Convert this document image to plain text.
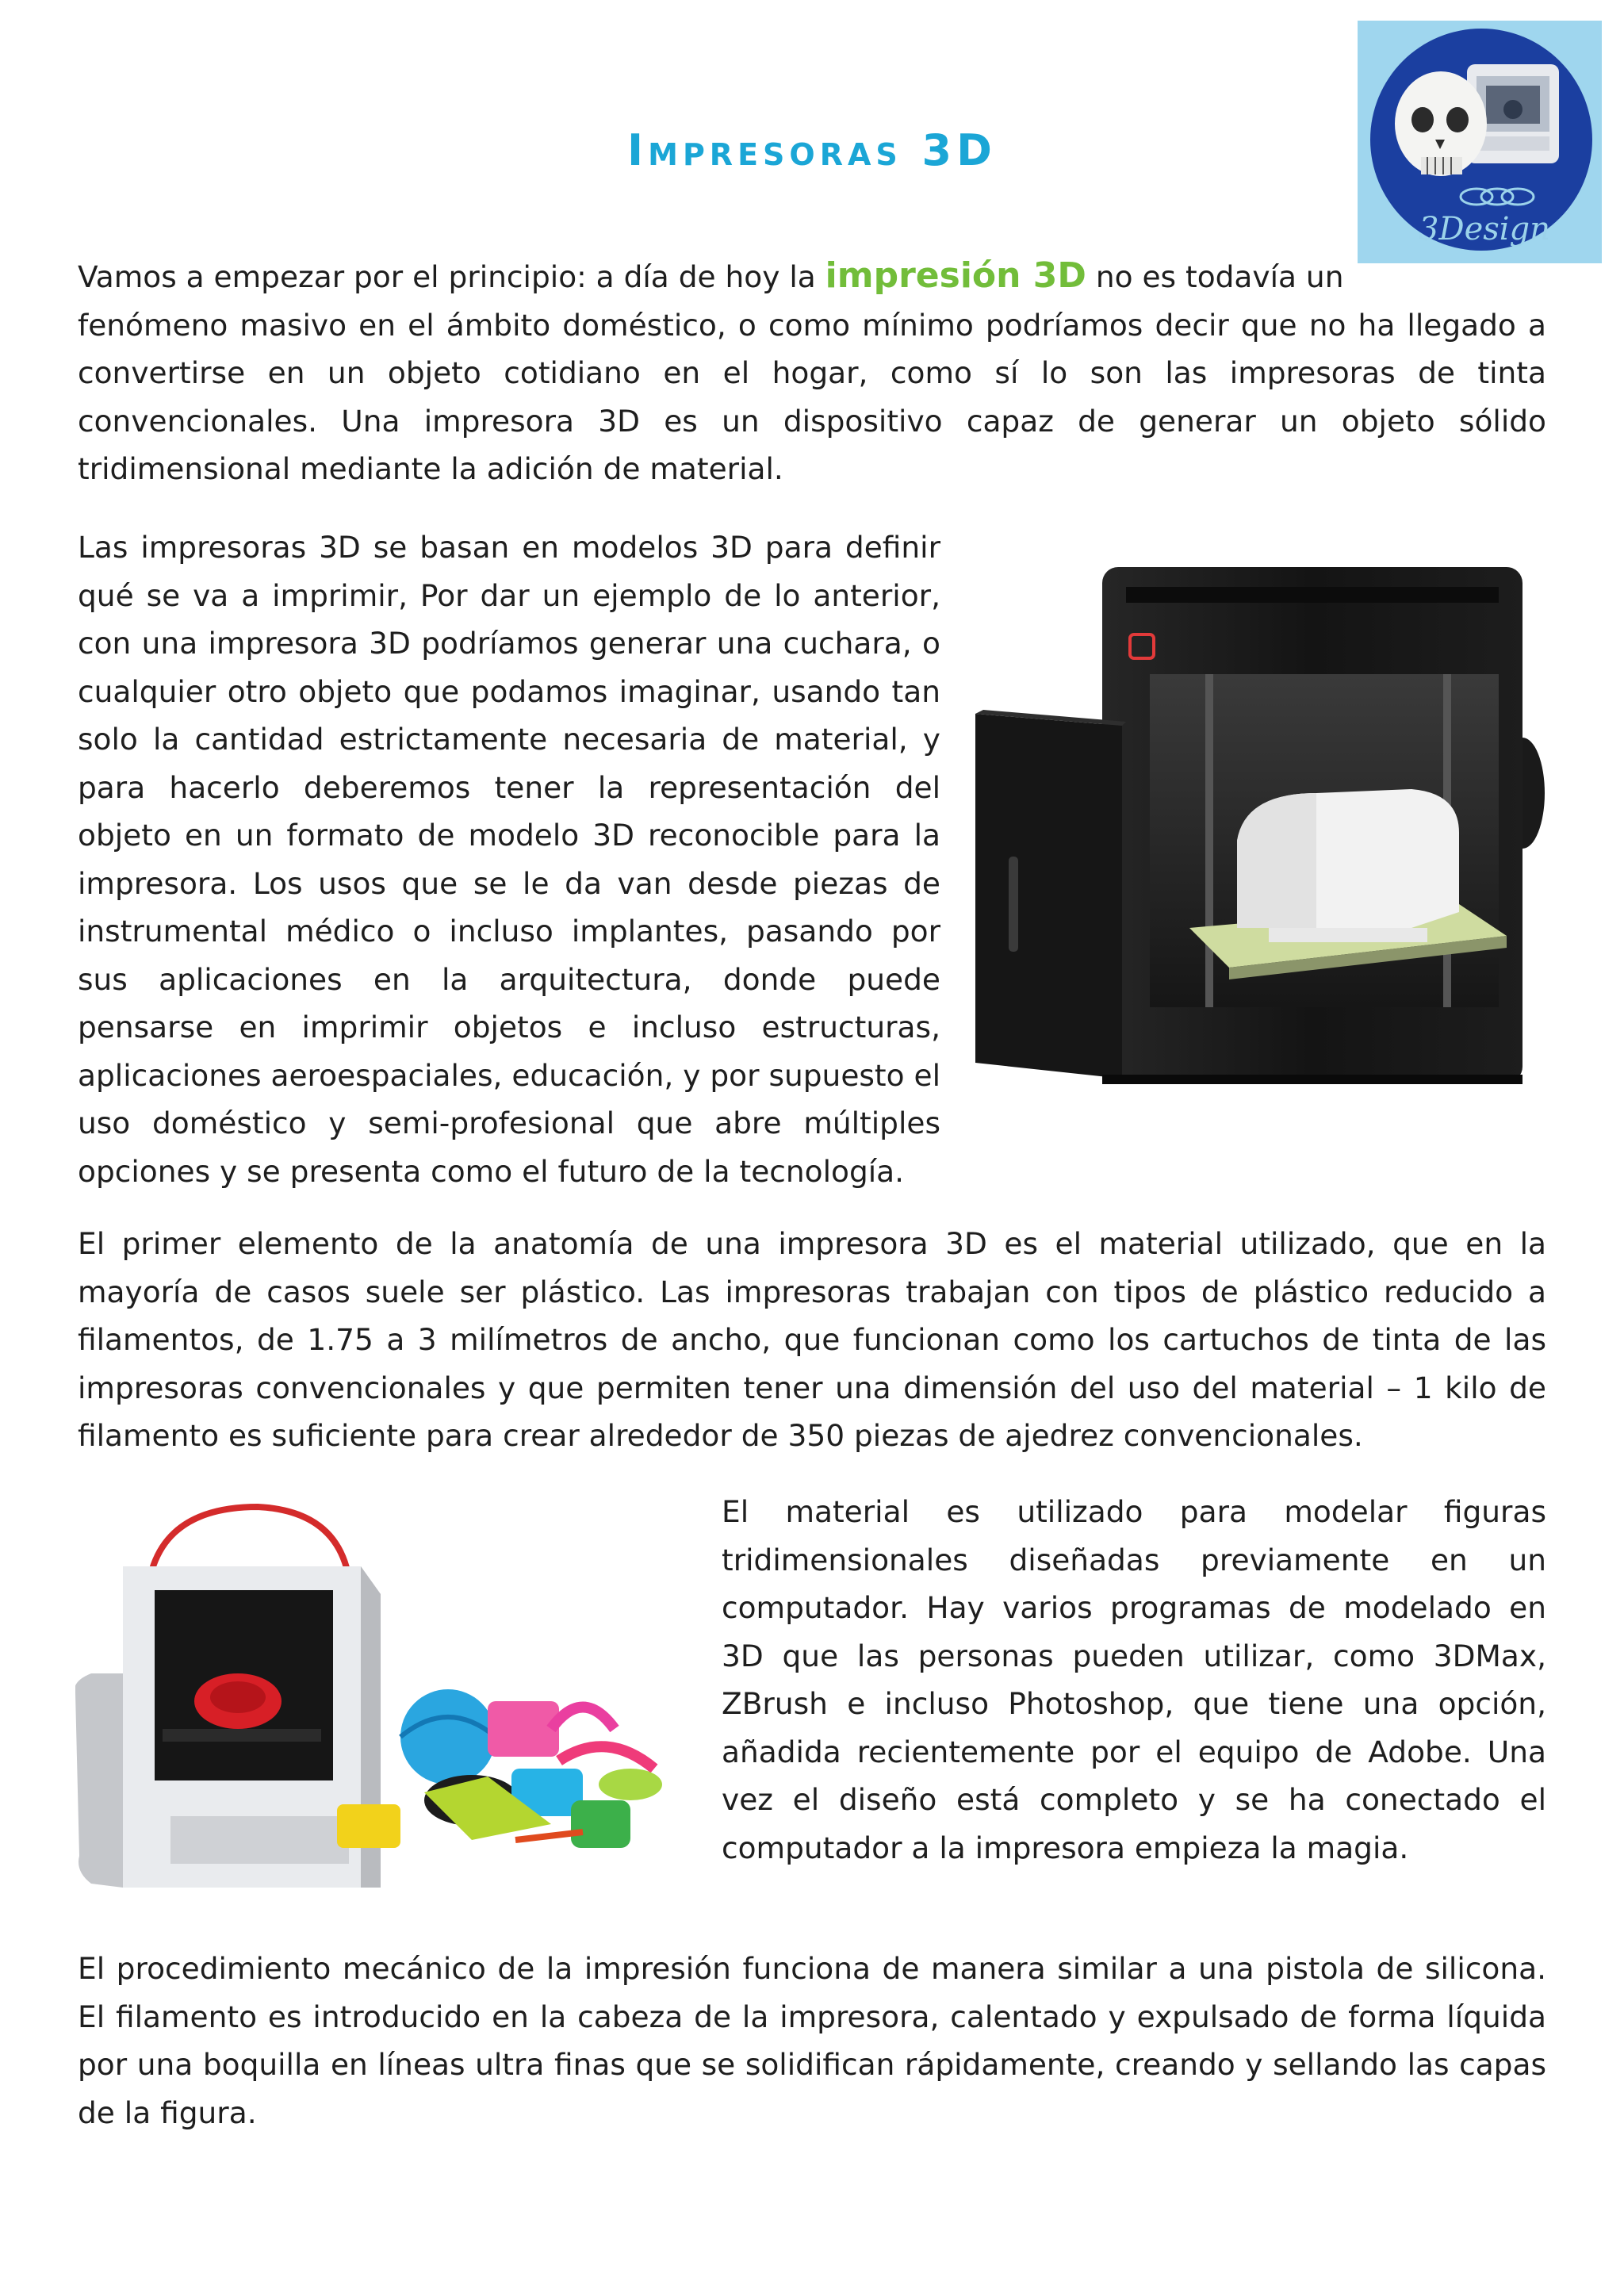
Impresoras 3D
3Design
Vamos a empezar por el principio: a día de hoy la impresión 3D no es todavía un
fenómeno masivo en el ámbito doméstico, o como mínimo podríamos decir que no ha llegado a convertirse en un objeto cotidiano en el hogar, como sí lo son las impresoras de tinta convencionales. Una impresora 3D es un dispositivo capaz de generar un objeto sólido tridimensional mediante la adición de material.

Las impresoras 3D se basan en modelos 3D para definir qué se va a imprimir, Por dar un ejemplo de lo anterior, con una impresora 3D podríamos generar una cuchara, o cualquier otro objeto que podamos imaginar, usando tan solo la cantidad estrictamente necesaria de material, y para hacerlo deberemos tener la representación del objeto en un formato de modelo 3D reconocible para la impresora. Los usos que se le da van desde piezas de instrumental médico o incluso implantes, pasando por sus aplicaciones en la arquitectura, donde puede pensarse en imprimir objetos e incluso estructuras, aplicaciones aeroespaciales, educación, y por supuesto el uso doméstico y semi-profesional que abre múltiples opciones y se presenta como el futuro de la tecnología.

El primer elemento de la anatomía de una impresora 3D es el material utilizado, que en la mayoría de casos suele ser plástico. Las impresoras trabajan con tipos de plástico reducido a filamentos, de 1.75 a 3 milímetros de ancho, que funcionan como los cartuchos de tinta de las impresoras convencionales y que permiten tener una dimensión del uso del material – 1 kilo de filamento es suficiente para crear alrededor de 350 piezas de ajedrez convencionales.

El material es utilizado para modelar figuras tridimensionales diseñadas previamente en un computador. Hay varios programas de modelado en 3D que las personas pueden utilizar, como 3DMax, ZBrush e incluso Photoshop, que tiene una opción, añadida recientemente por el equipo de Adobe. Una vez el diseño está completo y se ha conectado el computador a la impresora empieza la magia.

El procedimiento mecánico de la impresión funciona de manera similar a una pistola de silicona. El filamento es introducido en la cabeza de la impresora, calentado y expulsado de forma líquida por una boquilla en líneas ultra finas que se solidifican rápidamente, creando y sellando las capas de la figura.
